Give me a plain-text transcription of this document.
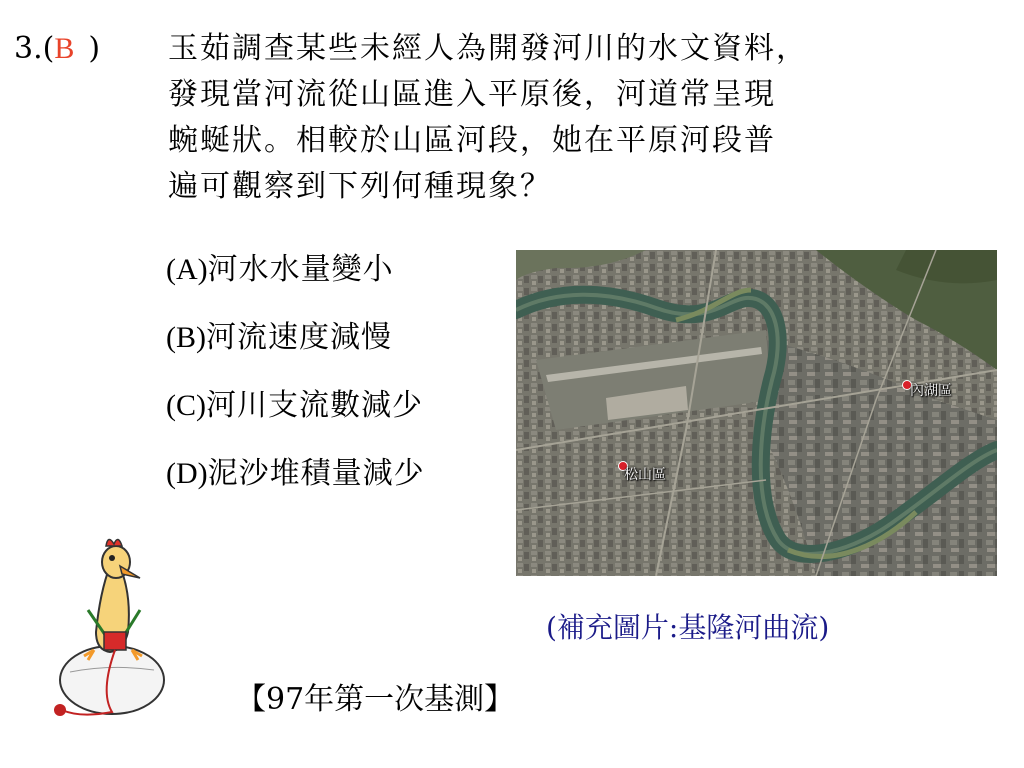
3.(B ) 玉茹調查某些未經人為開發河川的水文資料，
發現當河流從山區進入平原後，河道常呈現
蜿蜒狀。相較於山區河段，她在平原河段普
遍可觀察到下列何種現象？
(A)河水水量變小
(B)河流速度減慢
(C)河川支流數減少
(D)泥沙堆積量減少
內湖區
松山區
(補充圖片:基隆河曲流)
【97年第一次基測】
